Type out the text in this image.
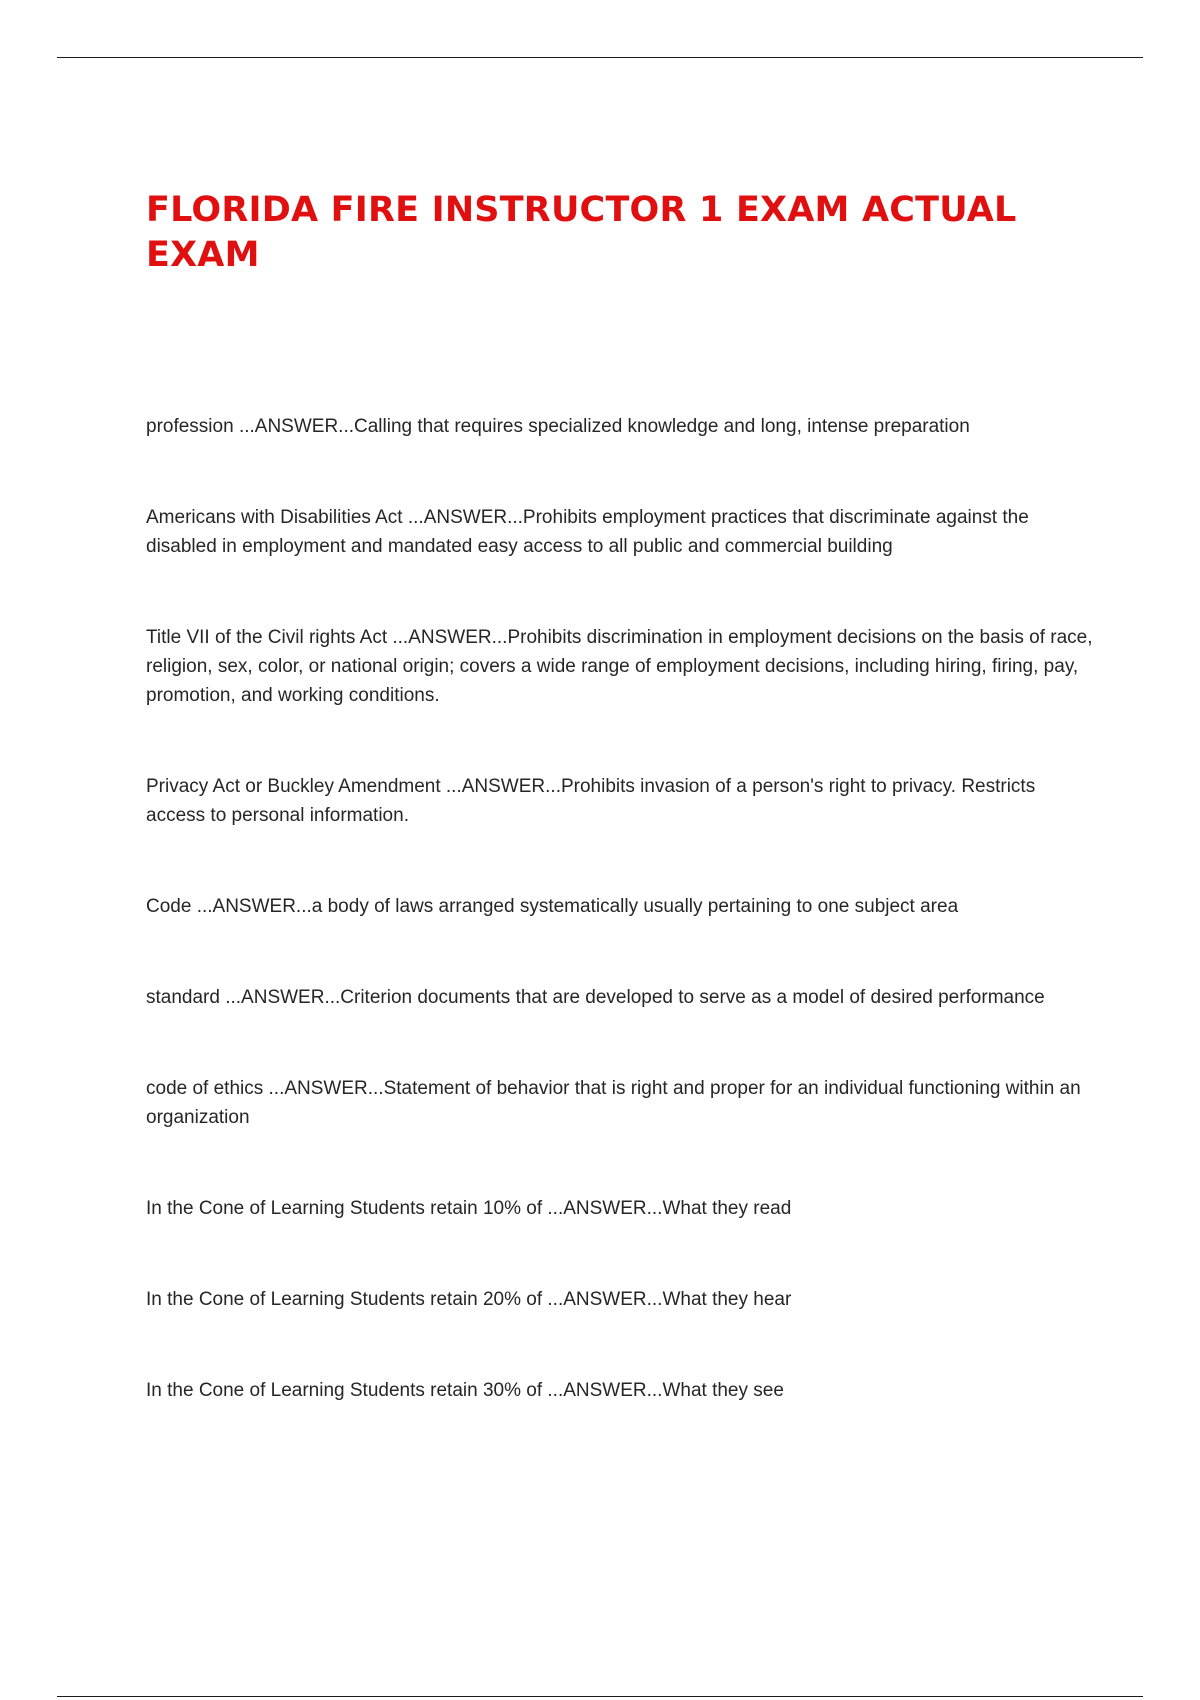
FLORIDA FIRE INSTRUCTOR 1 EXAM ACTUAL EXAM
profession ...ANSWER...Calling that requires specialized knowledge and long, intense preparation
Americans with Disabilities Act ...ANSWER...Prohibits employment practices that discriminate against the disabled in employment and mandated easy access to all public and commercial building
Title VII of the Civil rights Act ...ANSWER...Prohibits discrimination in employment decisions on the basis of race, religion, sex, color, or national origin; covers a wide range of employment decisions, including hiring, firing, pay, promotion, and working conditions.
Privacy Act or Buckley Amendment ...ANSWER...Prohibits invasion of a person's right to privacy. Restricts access to personal information.
Code ...ANSWER...a body of laws arranged systematically usually pertaining to one subject area
standard ...ANSWER...Criterion documents that are developed to serve as a model of desired performance
code of ethics ...ANSWER...Statement of behavior that is right and proper for an individual functioning within an organization
In the Cone of Learning Students retain 10% of ...ANSWER...What they read
In the Cone of Learning Students retain 20% of ...ANSWER...What they hear
In the Cone of Learning Students retain 30% of ...ANSWER...What they see
